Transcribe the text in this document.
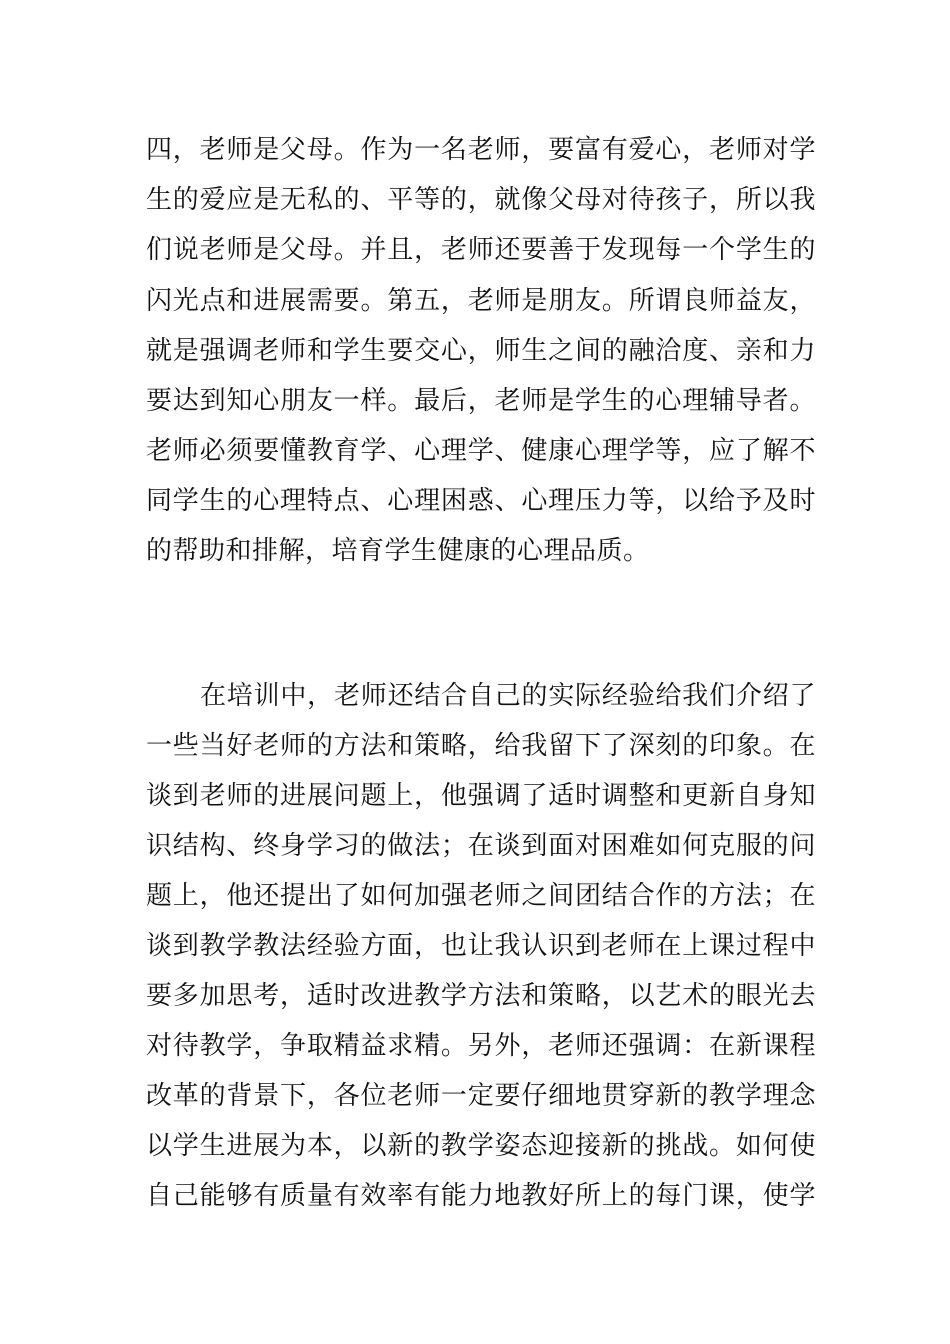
四，老师是父母。作为一名老师，要富有爱心，老师对学
生的爱应是无私的、平等的，就像父母对待孩子，所以我
们说老师是父母。并且，老师还要善于发现每一个学生的
闪光点和进展需要。第五，老师是朋友。所谓良师益友，
就是强调老师和学生要交心，师生之间的融洽度、亲和力
要达到知心朋友一样。最后，老师是学生的心理辅导者。
老师必须要懂教育学、心理学、健康心理学等，应了解不
同学生的心理特点、心理困惑、心理压力等，以给予及时
的帮助和排解，培育学生健康的心理品质。
在培训中，老师还结合自己的实际经验给我们介绍了
一些当好老师的方法和策略，给我留下了深刻的印象。在
谈到老师的进展问题上，他强调了适时调整和更新自身知
识结构、终身学习的做法；在谈到面对困难如何克服的问
题上，他还提出了如何加强老师之间团结合作的方法；在
谈到教学教法经验方面，也让我认识到老师在上课过程中
要多加思考，适时改进教学方法和策略，以艺术的眼光去
对待教学，争取精益求精。另外，老师还强调：在新课程
改革的背景下，各位老师一定要仔细地贯穿新的教学理念
以学生进展为本，以新的教学姿态迎接新的挑战。如何使
自己能够有质量有效率有能力地教好所上的每门课，使学
